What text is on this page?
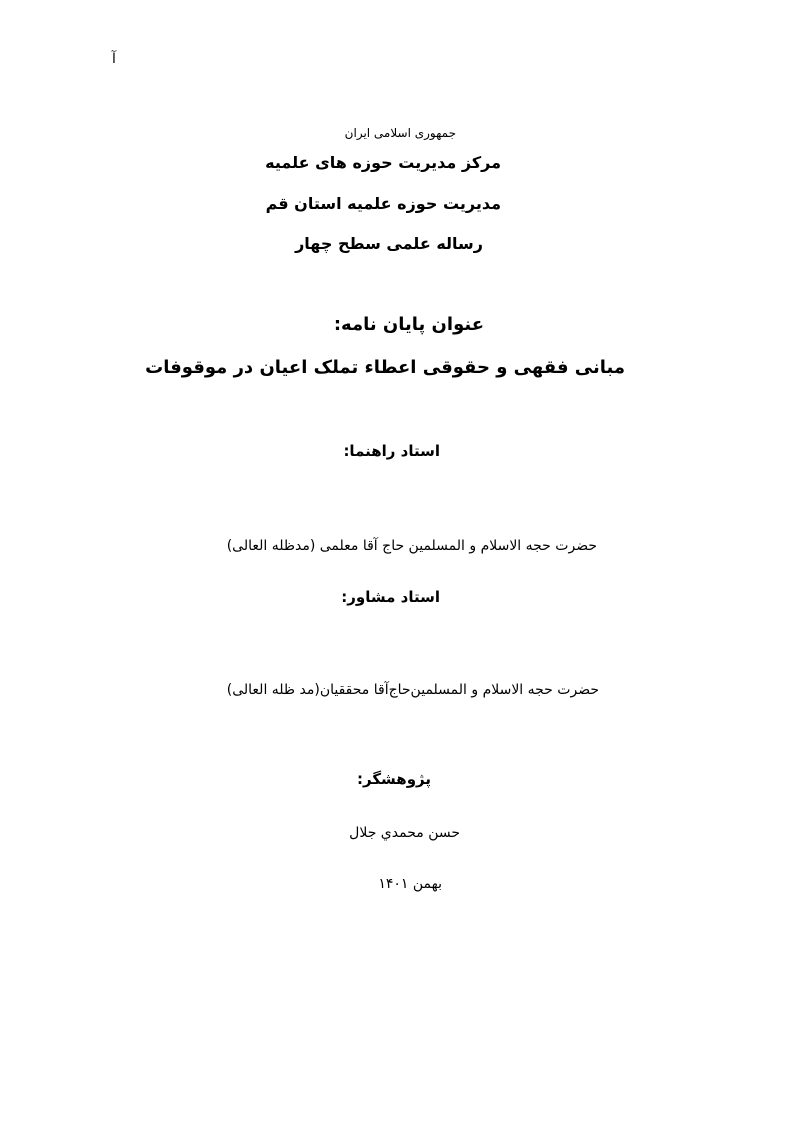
آ
جمهوری اسلامی ایران
مرکز مدیریت حوزه های علمیه
مدیریت حوزه علمیه استان قم
رساله علمی سطح چهار
عنوان پایان نامه:
مبانی فقهی و حقوقی اعطاء تملک اعیان در موقوفات
استاد راهنما:
حضرت حجه الاسلام و المسلمین حاج آقا معلمی (مدظله العالی)
استاد مشاور:
حضرت حجه الاسلام و المسلمین‌حاج‌آقا محققیان(مد ظله العالی)
پژوهشگر:
حسن محمدي جلال
بهمن ۱۴۰۱
